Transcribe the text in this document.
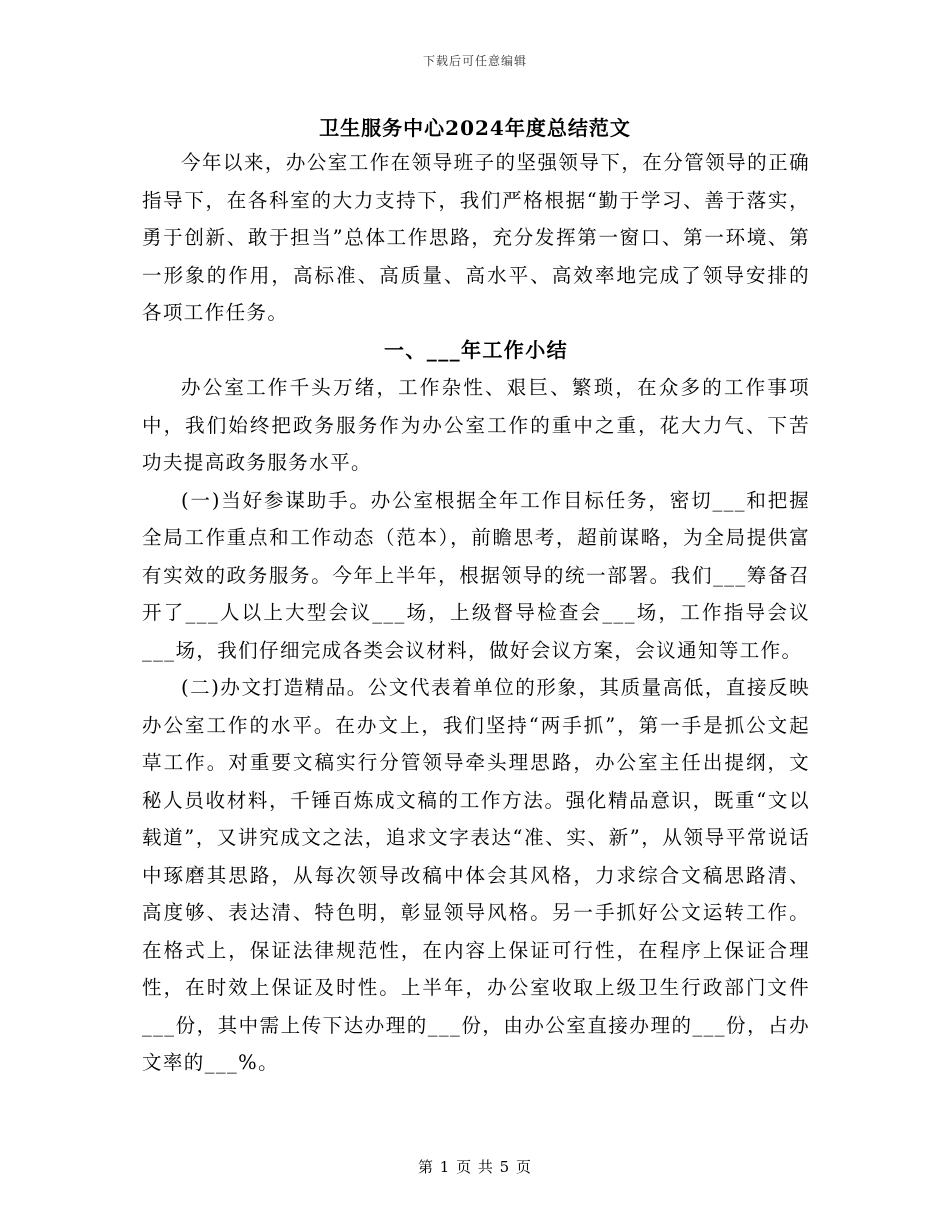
下载后可任意编辑
卫生服务中心2024年度总结范文

今年以来，办公室工作在领导班子的坚强领导下，在分管领导的正确指导下，在各科室的大力支持下，我们严格根据“勤于学习、善于落实，勇于创新、敢于担当”总体工作思路，充分发挥第一窗口、第一环境、第一形象的作用，高标准、高质量、高水平、高效率地完成了领导安排的各项工作任务。

一、___年工作小结

办公室工作千头万绪，工作杂性、艰巨、繁琐，在众多的工作事项中，我们始终把政务服务作为办公室工作的重中之重，花大力气、下苦功夫提高政务服务水平。

(一)当好参谋助手。办公室根据全年工作目标任务，密切___和把握全局工作重点和工作动态（范本），前瞻思考，超前谋略，为全局提供富有实效的政务服务。今年上半年，根据领导的统一部署。我们___筹备召开了___人以上大型会议___场，上级督导检查会___场，工作指导会议___场，我们仔细完成各类会议材料，做好会议方案，会议通知等工作。

(二)办文打造精品。公文代表着单位的形象，其质量高低，直接反映办公室工作的水平。在办文上，我们坚持“两手抓”，第一手是抓公文起草工作。对重要文稿实行分管领导牵头理思路，办公室主任出提纲，文秘人员收材料，千锤百炼成文稿的工作方法。强化精品意识，既重“文以载道”，又讲究成文之法，追求文字表达“准、实、新”，从领导平常说话中琢磨其思路，从每次领导改稿中体会其风格，力求综合文稿思路清、高度够、表达清、特色明，彰显领导风格。另一手抓好公文运转工作。在格式上，保证法律规范性，在内容上保证可行性，在程序上保证合理性，在时效上保证及时性。上半年，办公室收取上级卫生行政部门文件___份，其中需上传下达办理的___份，由办公室直接办理的___份，占办文率的___%。

第 1 页 共 5 页
